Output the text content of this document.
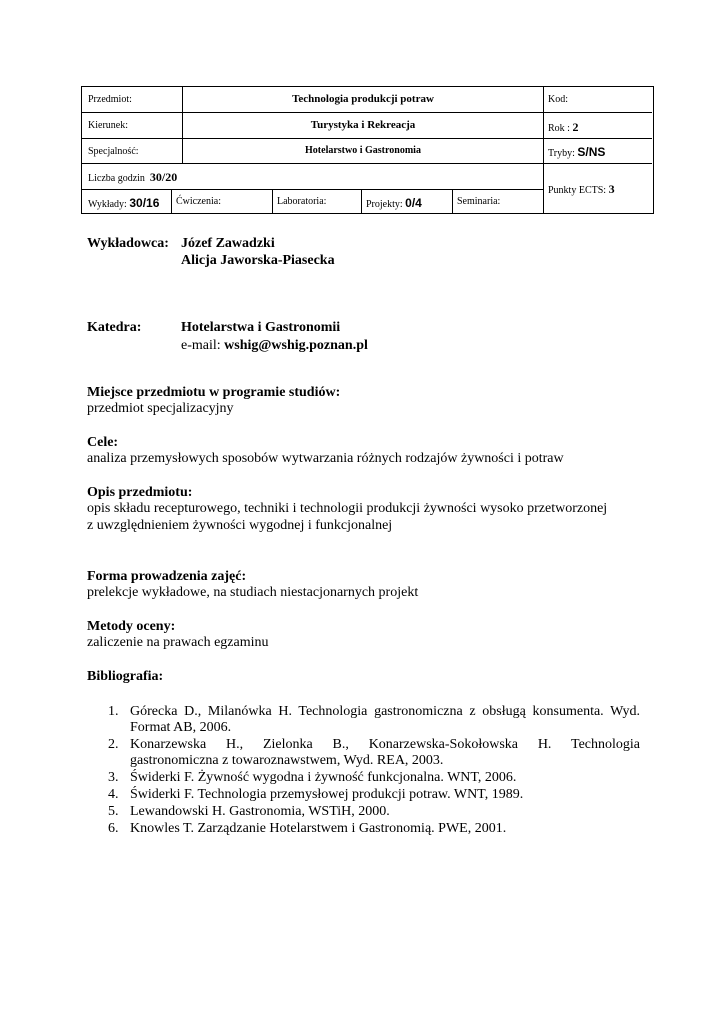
Przedmiot:	Technologia produkcji potraw	Kod:
Kierunek:	Turystyka i Rekreacja	Rok : 2
Specjalność:	Hotelarstwo i Gastronomia	Tryby: S/NS
Liczba godzin 30/20
Punkty ECTS: 3
Wykłady: 30/16 Ćwiczenia:	Laboratoria:	Projekty: 0/4	Seminaria:
Wykładowca: Józef Zawadzki
Alicja Jaworska-Piasecka
Katedra:	Hotelarstwa i Gastronomii
e-mail: wshig@wshig.poznan.pl
Miejsce przedmiotu w programie studiów:
przedmiot specjalizacyjny
Cele:
analiza przemysłowych sposobów wytwarzania różnych rodzajów żywności i potraw
Opis przedmiotu:
opis składu recepturowego, techniki i technologii produkcji żywności wysoko przetworzonej
z uwzględnieniem żywności wygodnej i funkcjonalnej
Forma prowadzenia zajęć:
prelekcje wykładowe, na studiach niestacjonarnych projekt
Metody oceny:
zaliczenie na prawach egzaminu
Bibliografia:
1. Górecka D., Milanówka H. Technologia gastronomiczna z obsługą konsumenta. Wyd.
Format AB, 2006.
2. Konarzewska H., Zielonka B., Konarzewska-Sokołowska H. Technologia
gastronomiczna z towaroznawstwem, Wyd. REA, 2003.
3. Świderki F. Żywność wygodna i żywność funkcjonalna. WNT, 2006.
4. Świderki F. Technologia przemysłowej produkcji potraw. WNT, 1989.
5. Lewandowski H. Gastronomia, WSTiH, 2000.
6. Knowles T. Zarządzanie Hotelarstwem i Gastronomią. PWE, 2001.
